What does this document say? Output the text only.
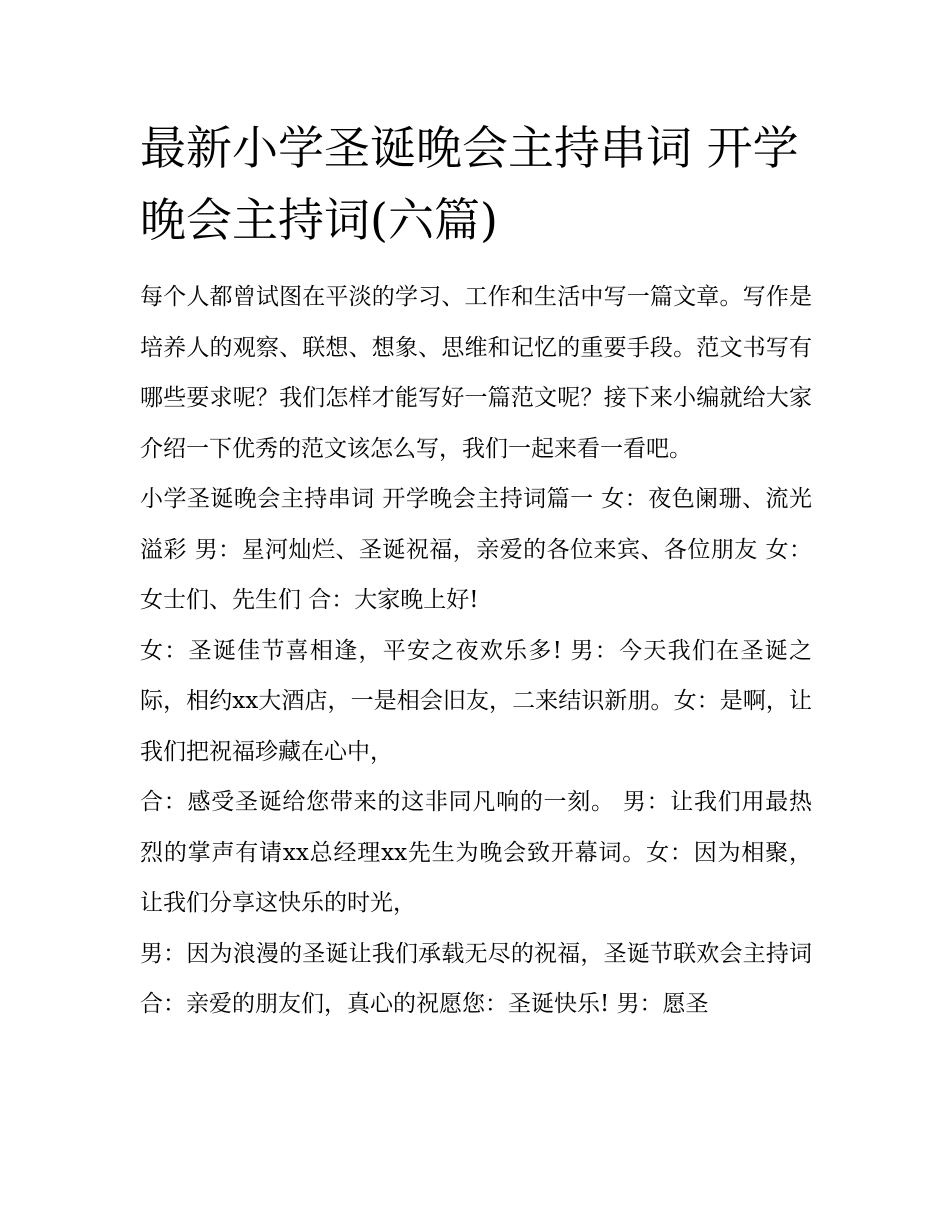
最新小学圣诞晚会主持串词 开学晚会主持词(六篇)

每个人都曾试图在平淡的学习、工作和生活中写一篇文章。写作是培养人的观察、联想、想象、思维和记忆的重要手段。范文书写有哪些要求呢？我们怎样才能写好一篇范文呢？接下来小编就给大家介绍一下优秀的范文该怎么写，我们一起来看一看吧。

小学圣诞晚会主持串词 开学晚会主持词篇一 女：夜色阑珊、流光溢彩 男：星河灿烂、圣诞祝福，亲爱的各位来宾、各位朋友 女：女士们、先生们 合：大家晚上好!

女：圣诞佳节喜相逢，平安之夜欢乐多! 男：今天我们在圣诞之际，相约xx大酒店，一是相会旧友，二来结识新朋。女：是啊，让我们把祝福珍藏在心中，

合：感受圣诞给您带来的这非同凡响的一刻。 男：让我们用最热烈的掌声有请xx总经理xx先生为晚会致开幕词。女：因为相聚，让我们分享这快乐的时光，

男：因为浪漫的圣诞让我们承载无尽的祝福，圣诞节联欢会主持词合：亲爱的朋友们，真心的祝愿您：圣诞快乐! 男：愿圣
